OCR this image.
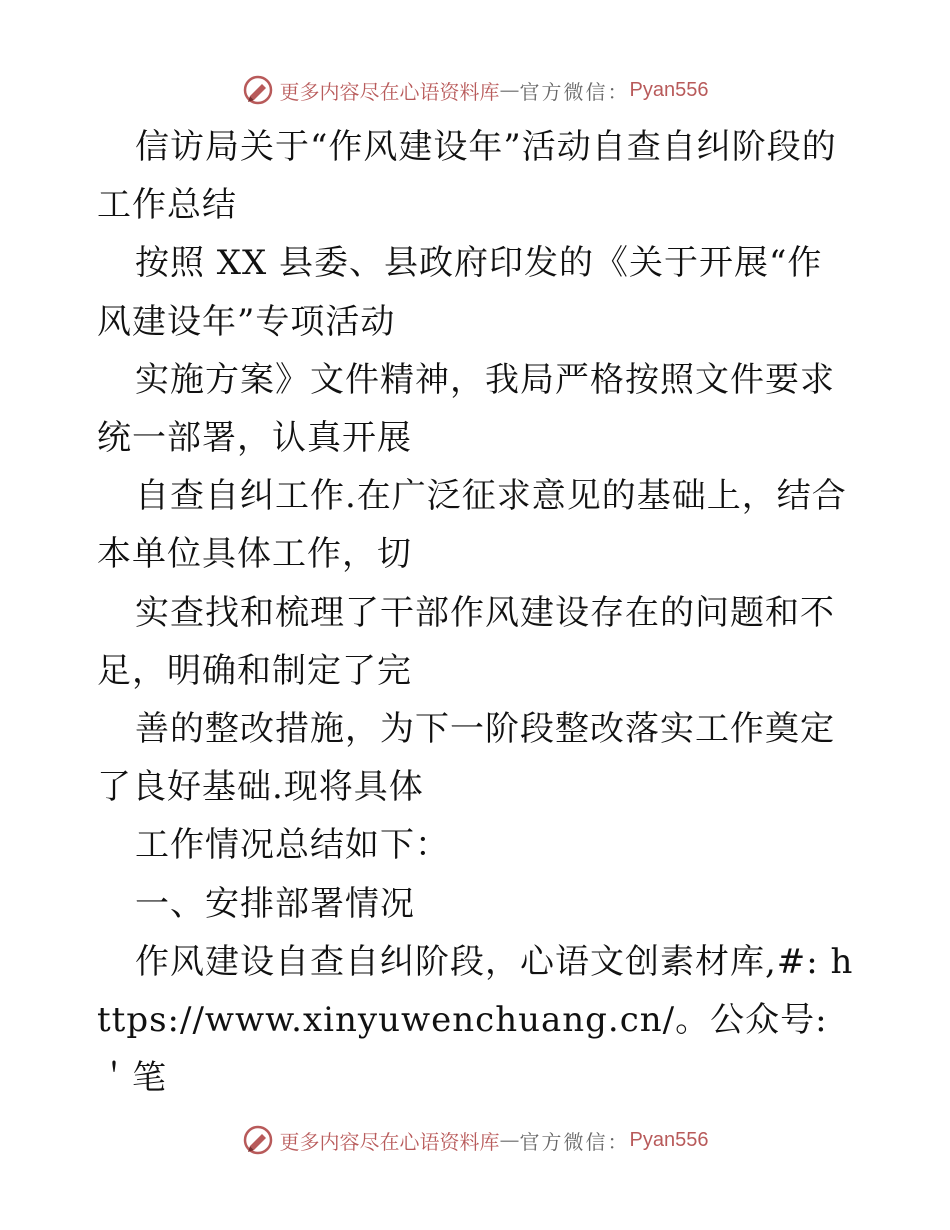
更多内容尽在心语资料库 — 官方微信： Pyan556

信访局关于“作风建设年”活动自查自纠阶段的工作总结

按照 XX 县委、县政府印发的《关于开展“作风建设年”专项活动

实施方案》文件精神，我局严格按照文件要求统一部署，认真开展

自查自纠工作.在广泛征求意见的基础上，结合本单位具体工作，切

实查找和梳理了干部作风建设存在的问题和不足，明确和制定了完

善的整改措施，为下一阶段整改落实工作奠定了良好基础.现将具体

工作情况总结如下：

一、安排部署情况

作风建设自查自纠阶段，心语文创素材库,#: https://www.xinyuwenchuang.cn/。公众号:＇笔

更多内容尽在心语资料库 — 官方微信： Pyan556
